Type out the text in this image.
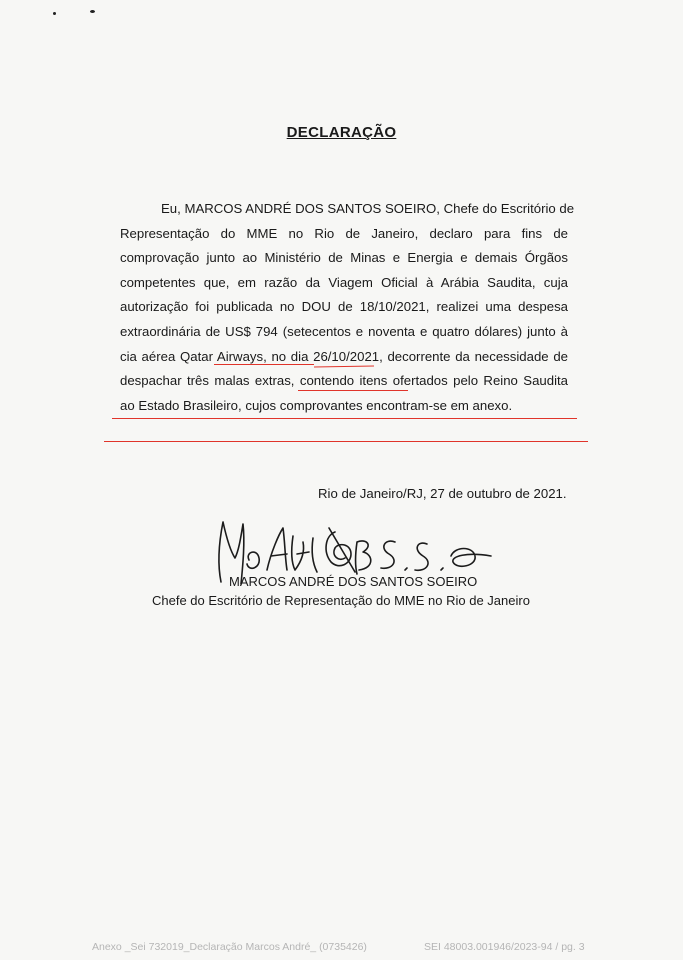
DECLARAÇÃO
Eu, MARCOS ANDRÉ DOS SANTOS SOEIRO, Chefe do Escritório de
Representação do MME no Rio de Janeiro, declaro para fins de
comprovação junto ao Ministério de Minas e Energia e demais Órgãos
competentes que, em razão da Viagem Oficial à Arábia Saudita, cuja
autorização foi publicada no DOU de 18/10/2021, realizei uma despesa
extraordinária de US$ 794 (setecentos e noventa e quatro dólares) junto à
cia aérea Qatar Airways, no dia 26/10/2021, decorrente da necessidade de
despachar três malas extras, contendo itens ofertados pelo Reino Saudita
ao Estado Brasileiro, cujos comprovantes encontram-se em anexo.
Rio de Janeiro/RJ, 27 de outubro de 2021.
MARCOS ANDRÉ DOS SANTOS SOEIRO
Chefe do Escritório de Representação do MME no Rio de Janeiro
Anexo _Sei 732019_Declaração Marcos André_ (0735426)	SEI 48003.001946/2023-94 / pg. 3
